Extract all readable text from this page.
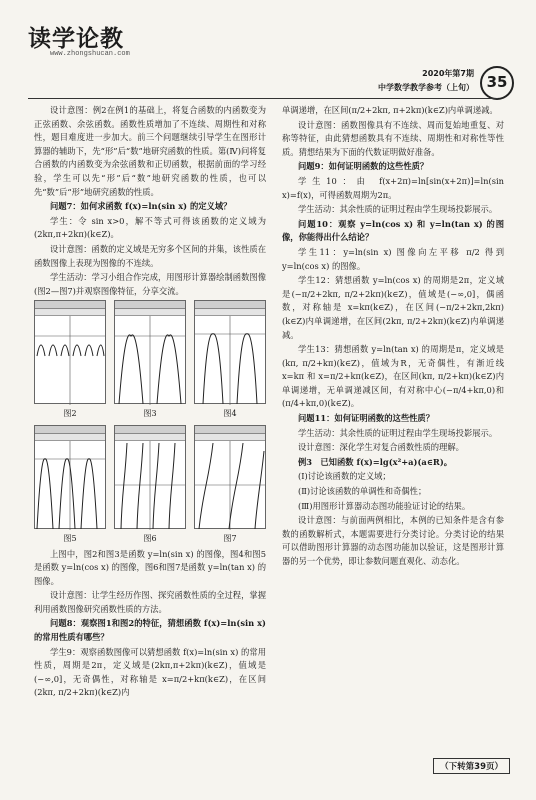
读学论教
www.zhongshucan.com
2020年第7期
中学数学教学参考（上旬） 35

设计意图：例2在例1的基础上，将复合函数的内函数变为正弦函数、余弦函数。函数性质增加了不连续、周期性和对称性，题目难度进一步加大。前三个问题继续引导学生在图形计算器的辅助下，先“形”后“数”地研究函数的性质。第(Ⅳ)问将复合函数的内函数变为余弦函数和正切函数，根据前面的学习经验，学生可以先“形”后“数”地研究函数的性质，也可以先“数”后“形”地研究函数的性质。

问题7：如何求函数 f(x)=ln(sin x) 的定义域？

学生：令 sin x>0，解不等式可得该函数的定义域为(2kπ,π+2kπ)(k∈Z)。

设计意图：函数的定义域是无穷多个区间的并集，该性质在函数图像上表现为图像的不连续。

学生活动：学习小组合作完成，用图形计算器绘制函数图像(图2—图7)并观察图像特征，分享交流。

图2	图3	图4
图5	图6	图7

上图中，图2和图3是函数 y=ln(sin x) 的图像，图4和图5是函数 y=ln(cos x) 的图像，图6和图7是函数 y=ln(tan x) 的图像。

设计意图：让学生经历作图、探究函数性质的全过程，掌握利用函数图像研究函数性质的方法。

问题8：观察图1和图2的特征，猜想函数 f(x)=ln(sin x) 的常用性质有哪些？

学生9：观察函数图像可以猜想函数 f(x)=ln(sin x) 的常用性质，周期是2π，定义域是(2kπ,π+2kπ)(k∈Z)，值域是(−∞,0]，无奇偶性，对称轴是 x=π/2+kπ(k∈Z)，在区间(2kπ, π/2+2kπ)(k∈Z)内

单调递增，在区间(π/2+2kπ, π+2kπ)(k∈Z)内单调递减。

设计意图：函数图像具有不连续、周而复始地重复、对称等特征，由此猜想函数具有不连续、周期性和对称性等性质。猜想结果为下面的代数证明做好准备。

问题9：如何证明函数的这些性质？

学生10：由 f(x+2π)=ln[sin(x+2π)]=ln(sin x)=f(x)，可得函数周期为2π。

学生活动：其余性质的证明过程由学生现场投影展示。

问题10：观察 y=ln(cos x) 和 y=ln(tan x) 的图像，你能得出什么结论？

学生11：y=ln(sin x) 图像向左平移 π/2 得到 y=ln(cos x) 的图像。

学生12：猜想函数 y=ln(cos x) 的周期是2π，定义域是(−π/2+2kπ, π/2+2kπ)(k∈Z)，值域是(−∞,0]，偶函数，对称轴是 x=kπ(k∈Z)，在区间(−π/2+2kπ,2kπ)(k∈Z)内单调递增，在区间(2kπ, π/2+2kπ)(k∈Z)内单调递减。

学生13：猜想函数 y=ln(tan x) 的周期是π，定义域是(kπ, π/2+kπ)(k∈Z)，值域为R，无奇偶性，有渐近线 x=kπ 和 x=π/2+kπ(k∈Z)，在区间(kπ, π/2+kπ)(k∈Z)内单调递增，无单调递减区间，有对称中心(−π/4+kπ,0)和(π/4+kπ,0)(k∈Z)。

问题11：如何证明函数的这些性质？

学生活动：其余性质的证明过程由学生现场投影展示。

设计意图：深化学生对复合函数性质的理解。

例3　已知函数 f(x)=lg(x²+a)(a∈R)。

(Ⅰ)讨论该函数的定义域；

(Ⅱ)讨论该函数的单调性和奇偶性；

(Ⅲ)用图形计算器动态图功能验证讨论的结果。

设计意图：与前面两例相比，本例的已知条件是含有参数的函数解析式，本题需要进行分类讨论。分类讨论的结果可以借助图形计算器的动态图功能加以验证，这是图形计算器的另一个优势，即让参数问题直观化、动态化。

（下转第39页）
